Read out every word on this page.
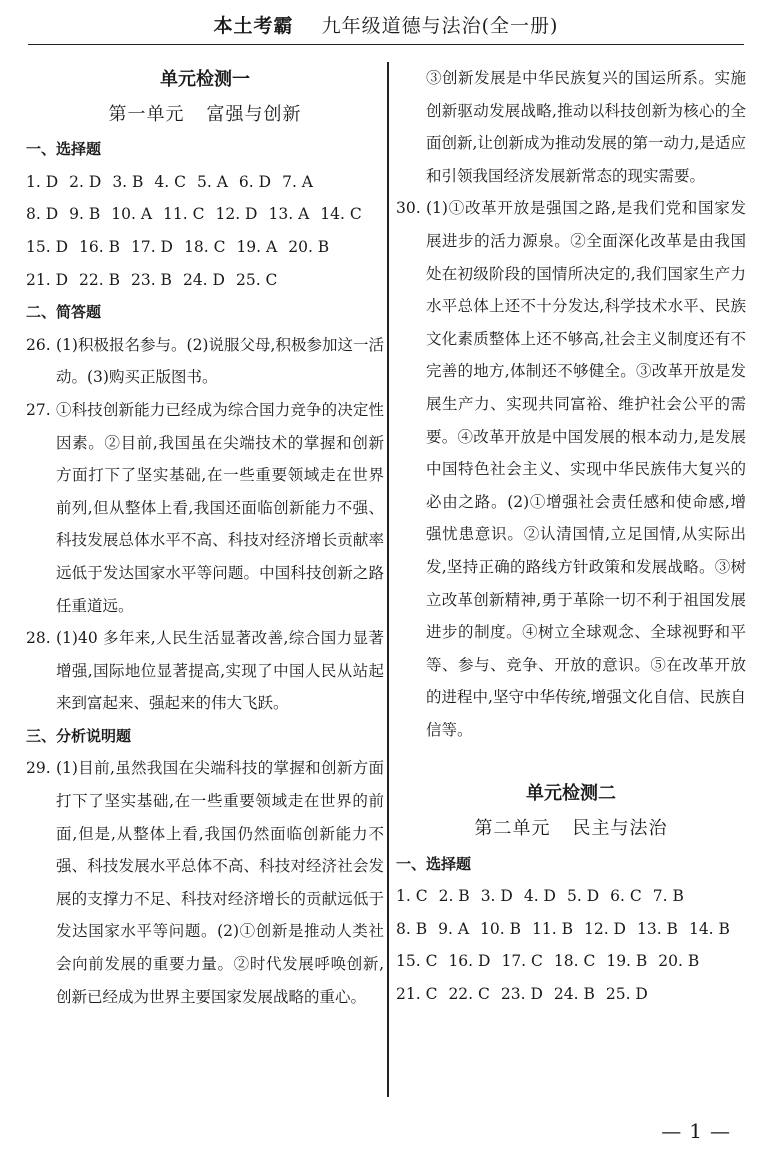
本土考霸 九年级道德与法治(全一册)
单元检测一
第一单元 富强与创新
一、选择题
1. D 2. D 3. B 4. C 5. A 6. D 7. A
8. D 9. B 10. A 11. C 12. D 13. A 14. C
15. D 16. B 17. D 18. C 19. A 20. B
21. D 22. B 23. B 24. D 25. C
二、简答题
26. (1)积极报名参与。(2)说服父母,积极参加这一活动。(3)购买正版图书。
27. ①科技创新能力已经成为综合国力竞争的决定性因素。②目前,我国虽在尖端技术的掌握和创新方面打下了坚实基础,在一些重要领域走在世界前列,但从整体上看,我国还面临创新能力不强、科技发展总体水平不高、科技对经济增长贡献率远低于发达国家水平等问题。中国科技创新之路任重道远。
28. (1)40 多年来,人民生活显著改善,综合国力显著增强,国际地位显著提高,实现了中国人民从站起来到富起来、强起来的伟大飞跃。
三、分析说明题
29. (1)目前,虽然我国在尖端科技的掌握和创新方面打下了坚实基础,在一些重要领域走在世界的前面,但是,从整体上看,我国仍然面临创新能力不强、科技发展水平总体不高、科技对经济社会发展的支撑力不足、科技对经济增长的贡献远低于发达国家水平等问题。(2)①创新是推动人类社会向前发展的重要力量。②时代发展呼唤创新,创新已经成为世界主要国家发展战略的重心。
③创新发展是中华民族复兴的国运所系。实施创新驱动发展战略,推动以科技创新为核心的全面创新,让创新成为推动发展的第一动力,是适应和引领我国经济发展新常态的现实需要。
30. (1)①改革开放是强国之路,是我们党和国家发展进步的活力源泉。②全面深化改革是由我国处在初级阶段的国情所决定的,我们国家生产力水平总体上还不十分发达,科学技术水平、民族文化素质整体上还不够高,社会主义制度还有不完善的地方,体制还不够健全。③改革开放是发展生产力、实现共同富裕、维护社会公平的需要。④改革开放是中国发展的根本动力,是发展中国特色社会主义、实现中华民族伟大复兴的必由之路。(2)①增强社会责任感和使命感,增强忧患意识。②认清国情,立足国情,从实际出发,坚持正确的路线方针政策和发展战略。③树立改革创新精神,勇于革除一切不利于祖国发展进步的制度。④树立全球观念、全球视野和平等、参与、竞争、开放的意识。⑤在改革开放的进程中,坚守中华传统,增强文化自信、民族自信等。
单元检测二
第二单元 民主与法治
一、选择题
1. C 2. B 3. D 4. D 5. D 6. C 7. B
8. B 9. A 10. B 11. B 12. D 13. B 14. B
15. C 16. D 17. C 18. C 19. B 20. B
21. C 22. C 23. D 24. B 25. D
— 1 —
